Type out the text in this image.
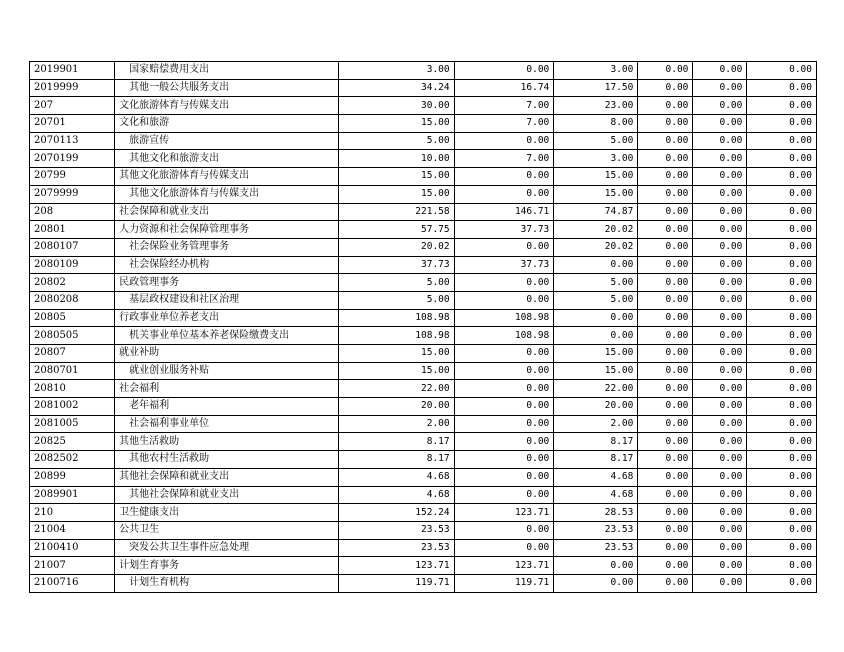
2019901	国家赔偿费用支出	3.00	0.00	3.00	0.00	0.00	0.00
2019999	其他一般公共服务支出	34.24	16.74	17.50	0.00	0.00	0.00
207	文化旅游体育与传媒支出	30.00	7.00	23.00	0.00	0.00	0.00
20701	文化和旅游	15.00	7.00	8.00	0.00	0.00	0.00
2070113	旅游宣传	5.00	0.00	5.00	0.00	0.00	0.00
2070199	其他文化和旅游支出	10.00	7.00	3.00	0.00	0.00	0.00
20799	其他文化旅游体育与传媒支出	15.00	0.00	15.00	0.00	0.00	0.00
2079999	其他文化旅游体育与传媒支出	15.00	0.00	15.00	0.00	0.00	0.00
208	社会保障和就业支出	221.58	146.71	74.87	0.00	0.00	0.00
20801	人力资源和社会保障管理事务	57.75	37.73	20.02	0.00	0.00	0.00
2080107	社会保险业务管理事务	20.02	0.00	20.02	0.00	0.00	0.00
2080109	社会保险经办机构	37.73	37.73	0.00	0.00	0.00	0.00
20802	民政管理事务	5.00	0.00	5.00	0.00	0.00	0.00
2080208	基层政权建设和社区治理	5.00	0.00	5.00	0.00	0.00	0.00
20805	行政事业单位养老支出	108.98	108.98	0.00	0.00	0.00	0.00
2080505	机关事业单位基本养老保险缴费支出	108.98	108.98	0.00	0.00	0.00	0.00
20807	就业补助	15.00	0.00	15.00	0.00	0.00	0.00
2080701	就业创业服务补贴	15.00	0.00	15.00	0.00	0.00	0.00
20810	社会福利	22.00	0.00	22.00	0.00	0.00	0.00
2081002	老年福利	20.00	0.00	20.00	0.00	0.00	0.00
2081005	社会福利事业单位	2.00	0.00	2.00	0.00	0.00	0.00
20825	其他生活救助	8.17	0.00	8.17	0.00	0.00	0.00
2082502	其他农村生活救助	8.17	0.00	8.17	0.00	0.00	0.00
20899	其他社会保障和就业支出	4.68	0.00	4.68	0.00	0.00	0.00
2089901	其他社会保障和就业支出	4.68	0.00	4.68	0.00	0.00	0.00
210	卫生健康支出	152.24	123.71	28.53	0.00	0.00	0.00
21004	公共卫生	23.53	0.00	23.53	0.00	0.00	0.00
2100410	突发公共卫生事件应急处理	23.53	0.00	23.53	0.00	0.00	0.00
21007	计划生育事务	123.71	123.71	0.00	0.00	0.00	0.00
2100716	计划生育机构	119.71	119.71	0.00	0.00	0.00	0.00
